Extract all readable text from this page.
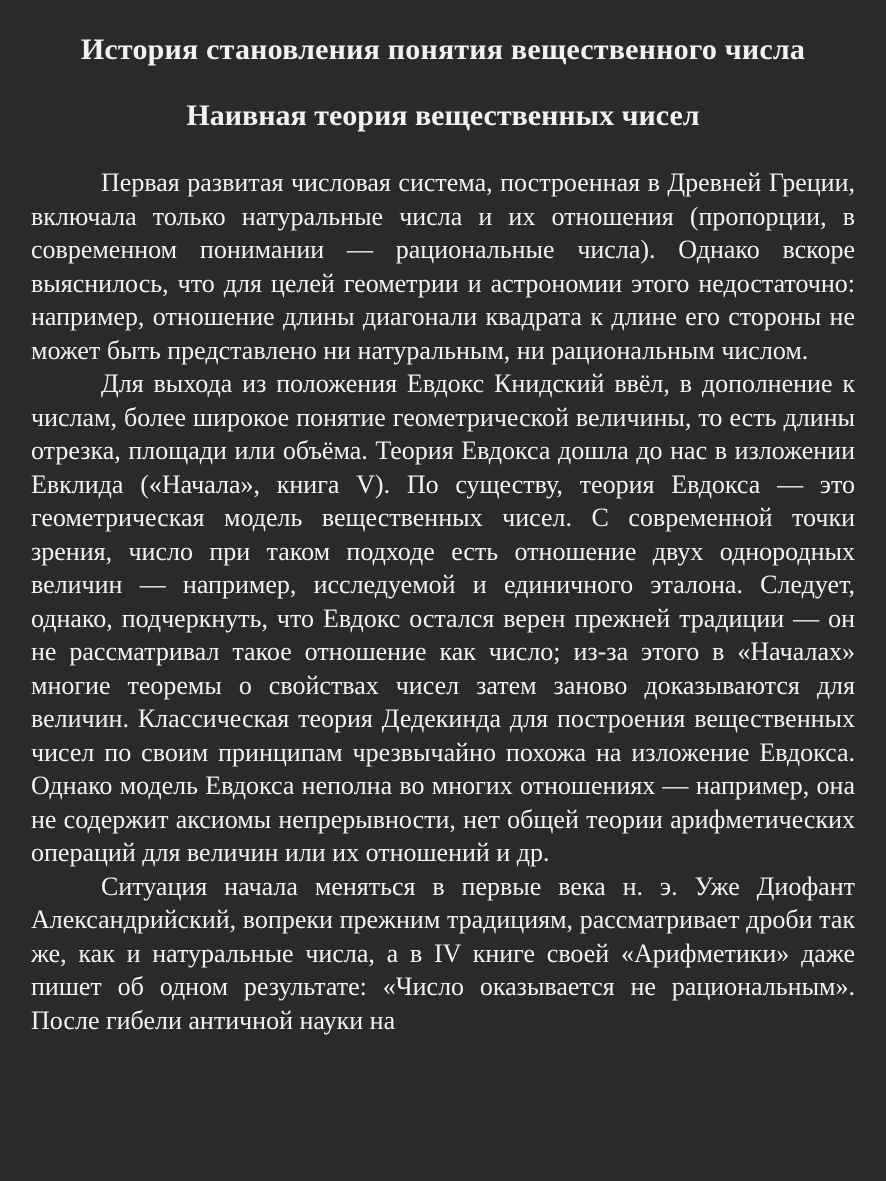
История становления понятия вещественного числа
Наивная теория вещественных чисел

Первая развитая числовая система, построенная в Древней Греции, включала только натуральные числа и их отношения (пропорции, в современном понимании — рациональные числа). Однако вскоре выяснилось, что для целей геометрии и астрономии этого недостаточно: например, отношение длины диагонали квадрата к длине его стороны не может быть представлено ни натуральным, ни рациональным числом.

Для выхода из положения Евдокс Книдский ввёл, в дополнение к числам, более широкое понятие геометрической величины, то есть длины отрезка, площади или объёма. Теория Евдокса дошла до нас в изложении Евклида («Начала», книга V). По существу, теория Евдокса — это геометрическая модель вещественных чисел. С современной точки зрения, число при таком подходе есть отношение двух однородных величин — например, исследуемой и единичного эталона. Следует, однако, подчеркнуть, что Евдокс остался верен прежней традиции — он не рассматривал такое отношение как число; из-за этого в «Началах» многие теоремы о свойствах чисел затем заново доказываются для величин. Классическая теория Дедекинда для построения вещественных чисел по своим принципам чрезвычайно похожа на изложение Евдокса. Однако модель Евдокса неполна во многих отношениях — например, она не содержит аксиомы непрерывности, нет общей теории арифметических операций для величин или их отношений и др.

Ситуация начала меняться в первые века н. э. Уже Диофант Александрийский, вопреки прежним традициям, рассматривает дроби так же, как и натуральные числа, а в IV книге своей «Арифметики» даже пишет об одном результате: «Число оказывается не рациональным». После гибели античной науки на
